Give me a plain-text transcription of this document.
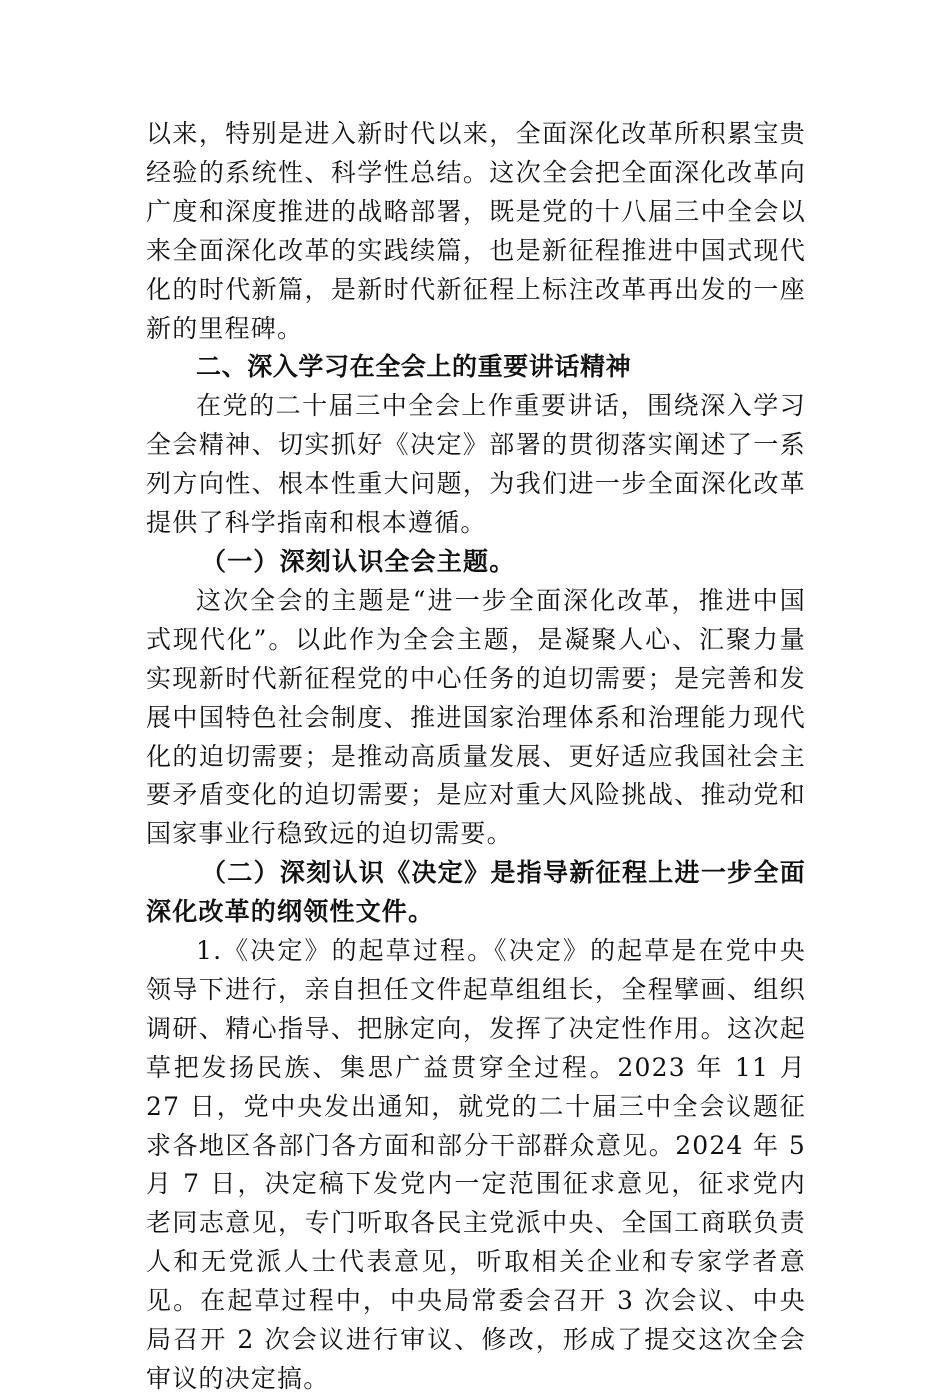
以来，特别是进入新时代以来，全面深化改革所积累宝贵经验的系统性、科学性总结。这次全会把全面深化改革向广度和深度推进的战略部署，既是党的十八届三中全会以来全面深化改革的实践续篇，也是新征程推进中国式现代化的时代新篇，是新时代新征程上标注改革再出发的一座新的里程碑。

二、深入学习在全会上的重要讲话精神

在党的二十届三中全会上作重要讲话，围绕深入学习全会精神、切实抓好《决定》部署的贯彻落实阐述了一系列方向性、根本性重大问题，为我们进一步全面深化改革提供了科学指南和根本遵循。

（一）深刻认识全会主题。

这次全会的主题是“进一步全面深化改革，推进中国式现代化”。以此作为全会主题，是凝聚人心、汇聚力量实现新时代新征程党的中心任务的迫切需要；是完善和发展中国特色社会制度、推进国家治理体系和治理能力现代化的迫切需要；是推动高质量发展、更好适应我国社会主要矛盾变化的迫切需要；是应对重大风险挑战、推动党和国家事业行稳致远的迫切需要。

（二）深刻认识《决定》是指导新征程上进一步全面深化改革的纲领性文件。

1.《决定》的起草过程。《决定》的起草是在党中央领导下进行，亲自担任文件起草组组长，全程擘画、组织调研、精心指导、把脉定向，发挥了决定性作用。这次起草把发扬民族、集思广益贯穿全过程。2023 年 11 月 27 日，党中央发出通知，就党的二十届三中全会议题征求各地区各部门各方面和部分干部群众意见。2024 年 5 月 7 日，决定稿下发党内一定范围征求意见，征求党内老同志意见，专门听取各民主党派中央、全国工商联负责人和无党派人士代表意见，听取相关企业和专家学者意见。在起草过程中，中央局常委会召开 3 次会议、中央局召开 2 次会议进行审议、修改，形成了提交这次全会审议的决定搞。
